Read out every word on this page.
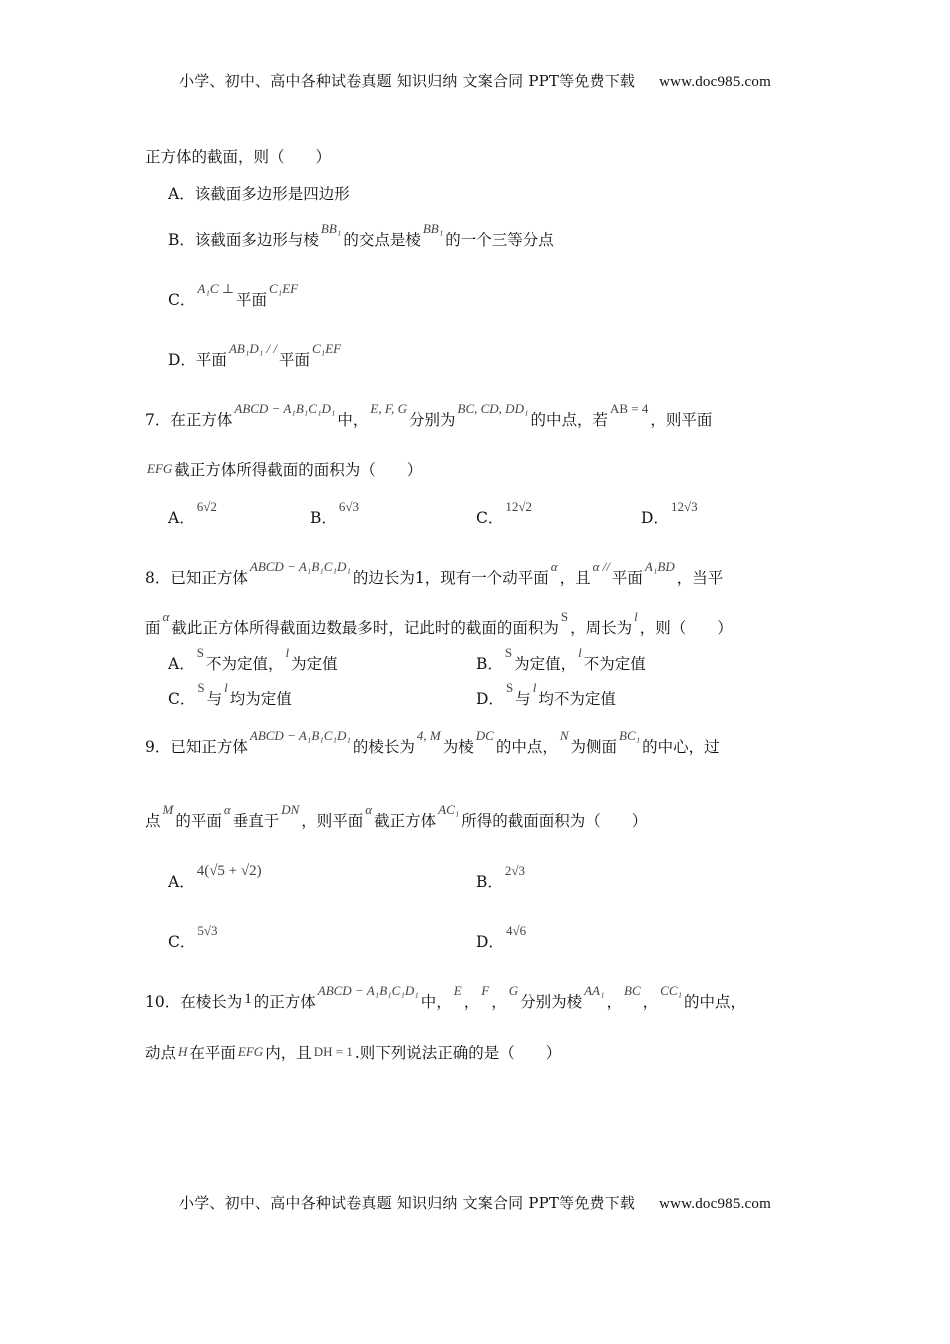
小学、初中、高中各种试卷真题 知识归纳 文案合同 PPT等免费下载 www.doc985.com
正方体的截面，则（　　）
A．该截面多边形是四边形
B．该截面多边形与棱$^{BB_1}$的交点是棱$^{BB_1}$的一个三等分点
C．$^{A_1C \perp}$平面$^{C_1EF}$
D．平面$^{AB_1D_1 / /}$平面$^{C_1EF}$
7．在正方体$^{ABCD - A_1B_1C_1D_1}$中，$^{E, F, G}$分别为$^{BC, CD, DD_1}$的中点，若$^{AB = 4}$，则平面
EFG 截正方体所得截面的面积为（　　）
A．$^{6√2}$
B．$^{6√3}$
C．$^{12√2}$
D．$^{12√3}$
8．已知正方体$^{ABCD - A_1B_1C_1D_1}$的边长为1，现有一个动平面$^\alpha$，且$^{\alpha //}$平面$^{A_1BD}$，当平
面$^\alpha$截此正方体所得截面边数最多时，记此时的截面的面积为$^S$，周长为$^l$，则（　　）
A．$^S$不为定值，$^l$为定值	B．$^S$为定值，$^l$不为定值
C．$^S$与$^l$均为定值	D．$^S$与$^l$均不为定值
9．已知正方体$^{ABCD - A_1B_1C_1D_1}$的棱长为$^{4, M}$为棱$^{DC}$的中点，$^N$为侧面$^{BC_1}$的中心，过
点$^M$的平面$^\alpha$垂直于$^{DN}$，则平面$^\alpha$截正方体$^{AC_1}$所得的截面面积为（　　）
A．4(√5 + √2)
B．$^{2√3}$
C．$^{5√3}$
D．$^{4√6}$
10．在棱长为 1 的正方体$^{ABCD - A_1B_1C_1D_1}$中，$^E$，$^F$，$^G$分别为棱$^{AA_1}$，$^{BC}$，$^{CC_1}$的中点，
动点 H 在平面 EFG 内，且 DH = 1 .则下列说法正确的是（　　）
小学、初中、高中各种试卷真题 知识归纳 文案合同 PPT等免费下载 www.doc985.com
